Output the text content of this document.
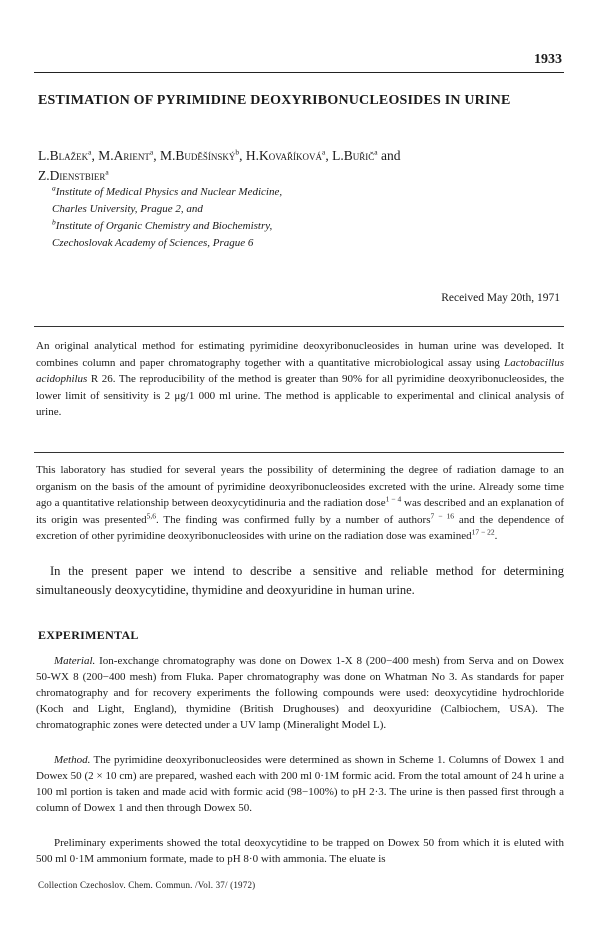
1933
ESTIMATION OF PYRIMIDINE DEOXYRIBONUCLEOSIDES IN URINE
L.Blažek$^a$, M.Arient$^a$, M.Buděšínský$^b$, H.Kovaříková$^a$, L.Buřič$^a$ and
Z.Dienstbier$^a$
$^a$Institute of Medical Physics and Nuclear Medicine,
Charles University, Prague 2, and
$^b$Institute of Organic Chemistry and Biochemistry,
Czechoslovak Academy of Sciences, Prague 6
Received May 20th, 1971
An original analytical method for estimating pyrimidine deoxyribonucleosides in human urine was developed. It combines column and paper chromatography together with a quantitative microbiological assay using Lactobacillus acidophilus R 26. The reproducibility of the method is greater than 90% for all pyrimidine deoxyribonucleosides, the lower limit of sensitivity is 2 μg/1 000 ml urine. The method is applicable to experimental and clinical analysis of urine.
This laboratory has studied for several years the possibility of determining the degree of radiation damage to an organism on the basis of the amount of pyrimidine deoxyribonucleosides excreted with the urine. Already some time ago a quantitative relationship between deoxycytidinuria and the radiation dose$^{1 - 4}$ was described and an explanation of its origin was presented$^{5,6}$. The finding was confirmed fully by a number of authors$^{7 - 16}$ and the dependence of excretion of other pyrimidine deoxyribonucleosides with urine on the radiation dose was examined$^{17 - 22}$.
In the present paper we intend to describe a sensitive and reliable method for determining simultaneously deoxycytidine, thymidine and deoxyuridine in human urine.
EXPERIMENTAL

Material. Ion-exchange chromatography was done on Dowex 1-X 8 (200−400 mesh) from Serva and on Dowex 50-WX 8 (200−400 mesh) from Fluka. Paper chromatography was done on Whatman No 3. As standards for paper chromatography and for recovery experiments the following compounds were used: deoxycytidine hydrochloride (Koch and Light, England), thymidine (British Drughouses) and deoxyuridine (Calbiochem, USA). The chromatographic zones were detected under a UV lamp (Mineralight Model L).

Method. The pyrimidine deoxyribonucleosides were determined as shown in Scheme 1. Columns of Dowex 1 and Dowex 50 (2 × 10 cm) are prepared, washed each with 200 ml 0·1M formic acid. From the total amount of 24 h urine a 100 ml portion is taken and made acid with formic acid (98−100%) to pH 2·3. The urine is then passed first through a column of Dowex 1 and then through Dowex 50.

Preliminary experiments showed the total deoxycytidine to be trapped on Dowex 50 from which it is eluted with 500 ml 0·1M ammonium formate, made to pH 8·0 with ammonia. The eluate is

Collection Czechoslov. Chem. Commun. /Vol. 37/ (1972)
